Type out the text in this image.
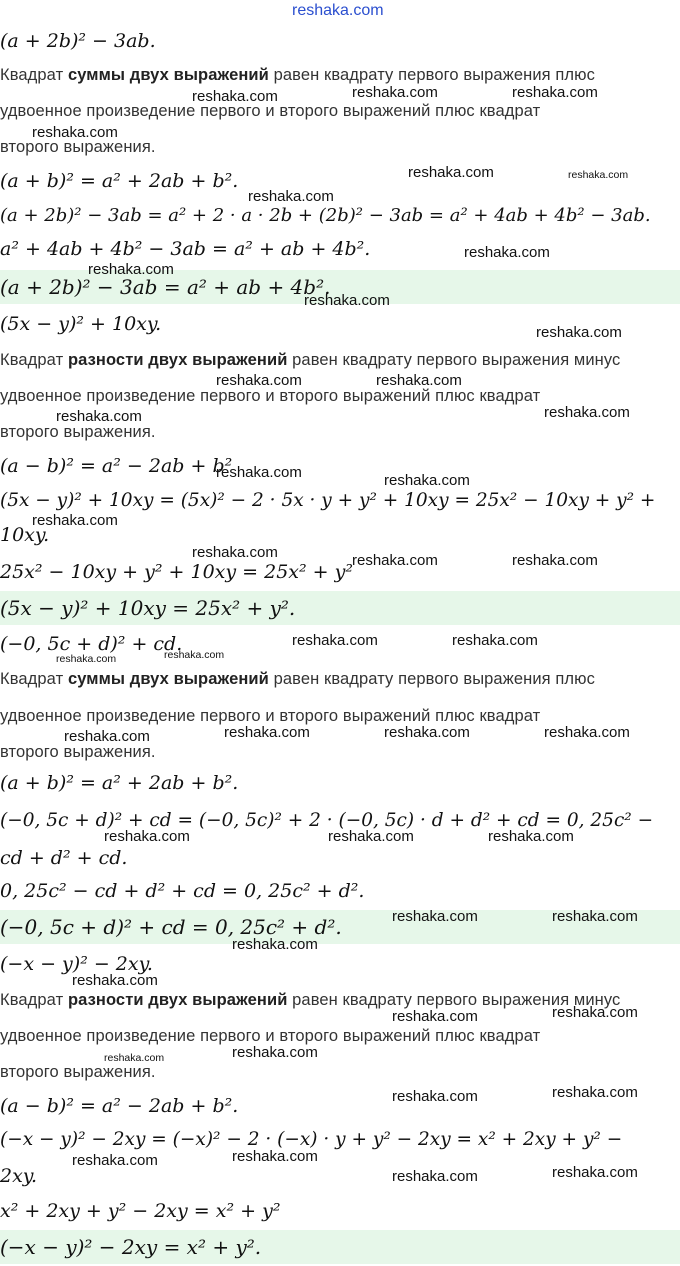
reshaka.com
(a + 2b)² − 3ab.
Квадрат суммы двух выражений равен квадрату первого выражения плюс
удвоенное произведение первого и второго выражений плюс квадрат
второго выражения.
(a + b)² = a² + 2ab + b².
(a + 2b)² − 3ab = a² + 2 · a · 2b + (2b)² − 3ab = a² + 4ab + 4b² − 3ab.
a² + 4ab + 4b² − 3ab = a² + ab + 4b².
(a + 2b)² − 3ab = a² + ab + 4b².
(5x − y)² + 10xy.
Квадрат разности двух выражений равен квадрату первого выражения минус
удвоенное произведение первого и второго выражений плюс квадрат
второго выражения.
(a − b)² = a² − 2ab + b²
(5x − y)² + 10xy = (5x)² − 2 · 5x · y + y² + 10xy = 25x² − 10xy + y² +
10xy.
25x² − 10xy + y² + 10xy = 25x² + y²
(5x − y)² + 10xy = 25x² + y².
(−0, 5c + d)² + cd.
Квадрат суммы двух выражений равен квадрату первого выражения плюс
удвоенное произведение первого и второго выражений плюс квадрат
второго выражения.
(a + b)² = a² + 2ab + b².
(−0, 5c + d)² + cd = (−0, 5c)² + 2 · (−0, 5c) · d + d² + cd = 0, 25c² −
cd + d² + cd.
0, 25c² − cd + d² + cd = 0, 25c² + d².
(−0, 5c + d)² + cd = 0, 25c² + d².
(−x − y)² − 2xy.
Квадрат разности двух выражений равен квадрату первого выражения минус
удвоенное произведение первого и второго выражений плюс квадрат
второго выражения.
(a − b)² = a² − 2ab + b².
(−x − y)² − 2xy = (−x)² − 2 · (−x) · y + y² − 2xy = x² + 2xy + y² −
2xy.
x² + 2xy + y² − 2xy = x² + y²
(−x − y)² − 2xy = x² + y².
reshaka.com	reshaka.com	reshaka.com
reshaka.com
reshaka.com	reshaka.com
reshaka.com
reshaka.com
reshaka.com
reshaka.com
reshaka.com
reshaka.com	reshaka.com
reshaka.com
reshaka.com
reshaka.com	reshaka.com
reshaka.com
reshaka.com	reshaka.com	reshaka.com
reshaka.com	reshaka.com
reshaka.com	reshaka.com
reshaka.com	reshaka.com	reshaka.com	reshaka.com
reshaka.com	reshaka.com	reshaka.com
reshaka.com	reshaka.com
reshaka.com
reshaka.com
reshaka.com	reshaka.com
reshaka.com
reshaka.com
reshaka.com	reshaka.com
reshaka.com
reshaka.com
reshaka.com	reshaka.com
